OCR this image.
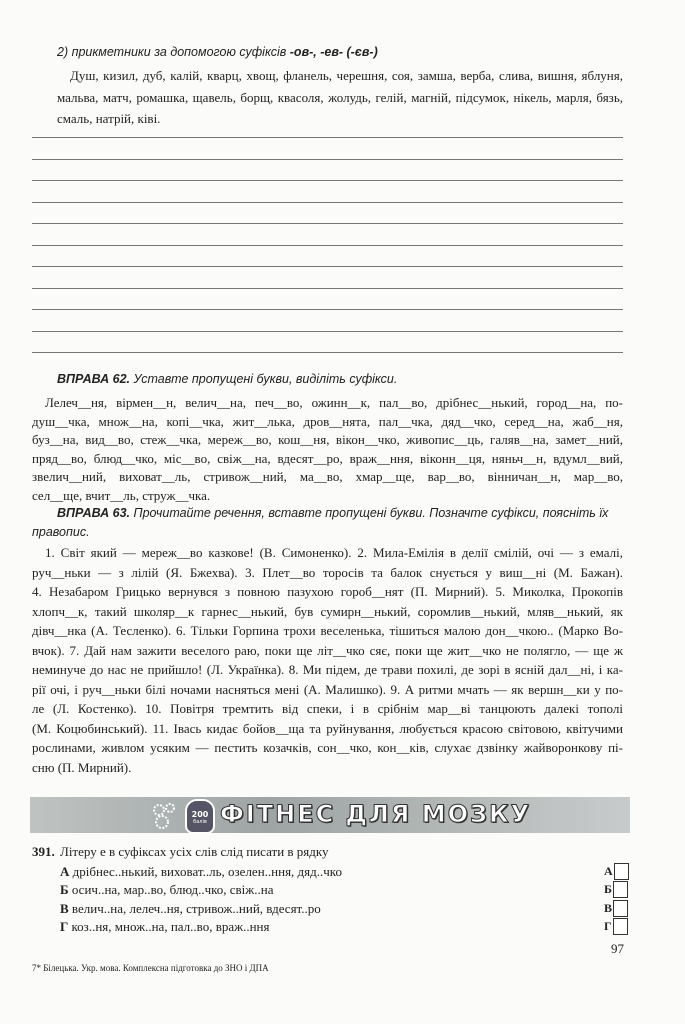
2) прикметники за допомогою суфіксів -ов-, -ев- (-єв-)
Душ, кизил, дуб, калій, кварц, хвощ, фланель, черешня, соя, замша, верба, слива, вишня, яблуня,
мальва, матч, ромашка, щавель, борщ, квасоля, жолудь, гелій, магній, підсумок, нікель, марля, бязь,
смаль, натрій, ківі.
ВПРАВА 62. Уставте пропущені букви, виділіть суфікси.
Лелеч__ня, вірмен__н, велич__на, печ__во, ожинн__к, пал__во, дрібнес__нький, город__на, по-
душ__чка, множ__на, копі__чка, жит__лька, дров__нята, пал__чка, дяд__чко, серед__на, жаб__ня,
буз__на, вид__во, стеж__чка, мереж__во, кош__ня, вікон__чко, живопис__ць, галяв__на, замет__ний,
пряд__во, блюд__чко, міс__во, свіж__на, вдесят__ро, враж__ння, віконн__ця, няньч__н, вдумл__вий,
звелич__ний, виховат__ль, стривож__ний, ма__во, хмар__ще, вар__во, вінничан__н, мар__во,
сел__ще, вчит__ль, струж__чка.
ВПРАВА 63. Прочитайте речення, вставте пропущені букви. Позначте суфікси, поясніть їх
правопис.
1. Світ який — мереж__во казкове! (В. Симоненко). 2. Мила-Емілія в делії смілій, очі — з емалі,
руч__ньки — з лілій (Я. Бжехва). 3. Плет__во торосів та балок снується у виш__ні (М. Бажан).
4. Незабаром Грицько вернувся з повною пазухою гороб__нят (П. Мирний). 5. Миколка, Прокопів
хлопч__к, такий школяр__к гарнес__нький, був сумирн__нький, соромлив__нький, мляв__нький, як
дівч__нка (А. Тесленко). 6. Тільки Горпина трохи веселенька, тішиться малою дон__чкою.. (Марко Во-
вчок). 7. Дай нам зажити веселого раю, поки ще літ__чко сяє, поки ще жит__чко не полягло, — ще ж
неминуче до нас не прийшло! (Л. Українка). 8. Ми підем, де трави похилі, де зорі в ясній дал__ні, і ка-
рії очі, і руч__ньки білі ночами насняться мені (А. Малишко). 9. А ритми мчать — як вершн__ки у по-
ле (Л. Костенко). 10. Повітря тремтить від спеки, і в срібнім мар__ві танцюють далекі тополі
(М. Коцюбинський). 11. Івась кидає бойов__ща та руйнування, любується красою світовою, квітучими
рослинами, живлом усяким — пестить козачків, сон__чко, кон__ків, слухає дзвінку жайворонкову пі-
сню (П. Мирний).
200
балів ФІТНЕС ДЛЯ МОЗКУ
391. Літеру е в суфіксах усіх слів слід писати в рядку
А дрібнес..нький, виховат..ль, озелен..ння, дяд..чко	А
Б осич..на, мар..во, блюд..чко, свіж..на	Б
В велич..на, лелеч..ня, стривож..ний, вдесят..ро	В
Г коз..ня, множ..на, пал..во, враж..ння	Г
97
7* Білецька. Укр. мова. Комплексна підготовка до ЗНО і ДПА
